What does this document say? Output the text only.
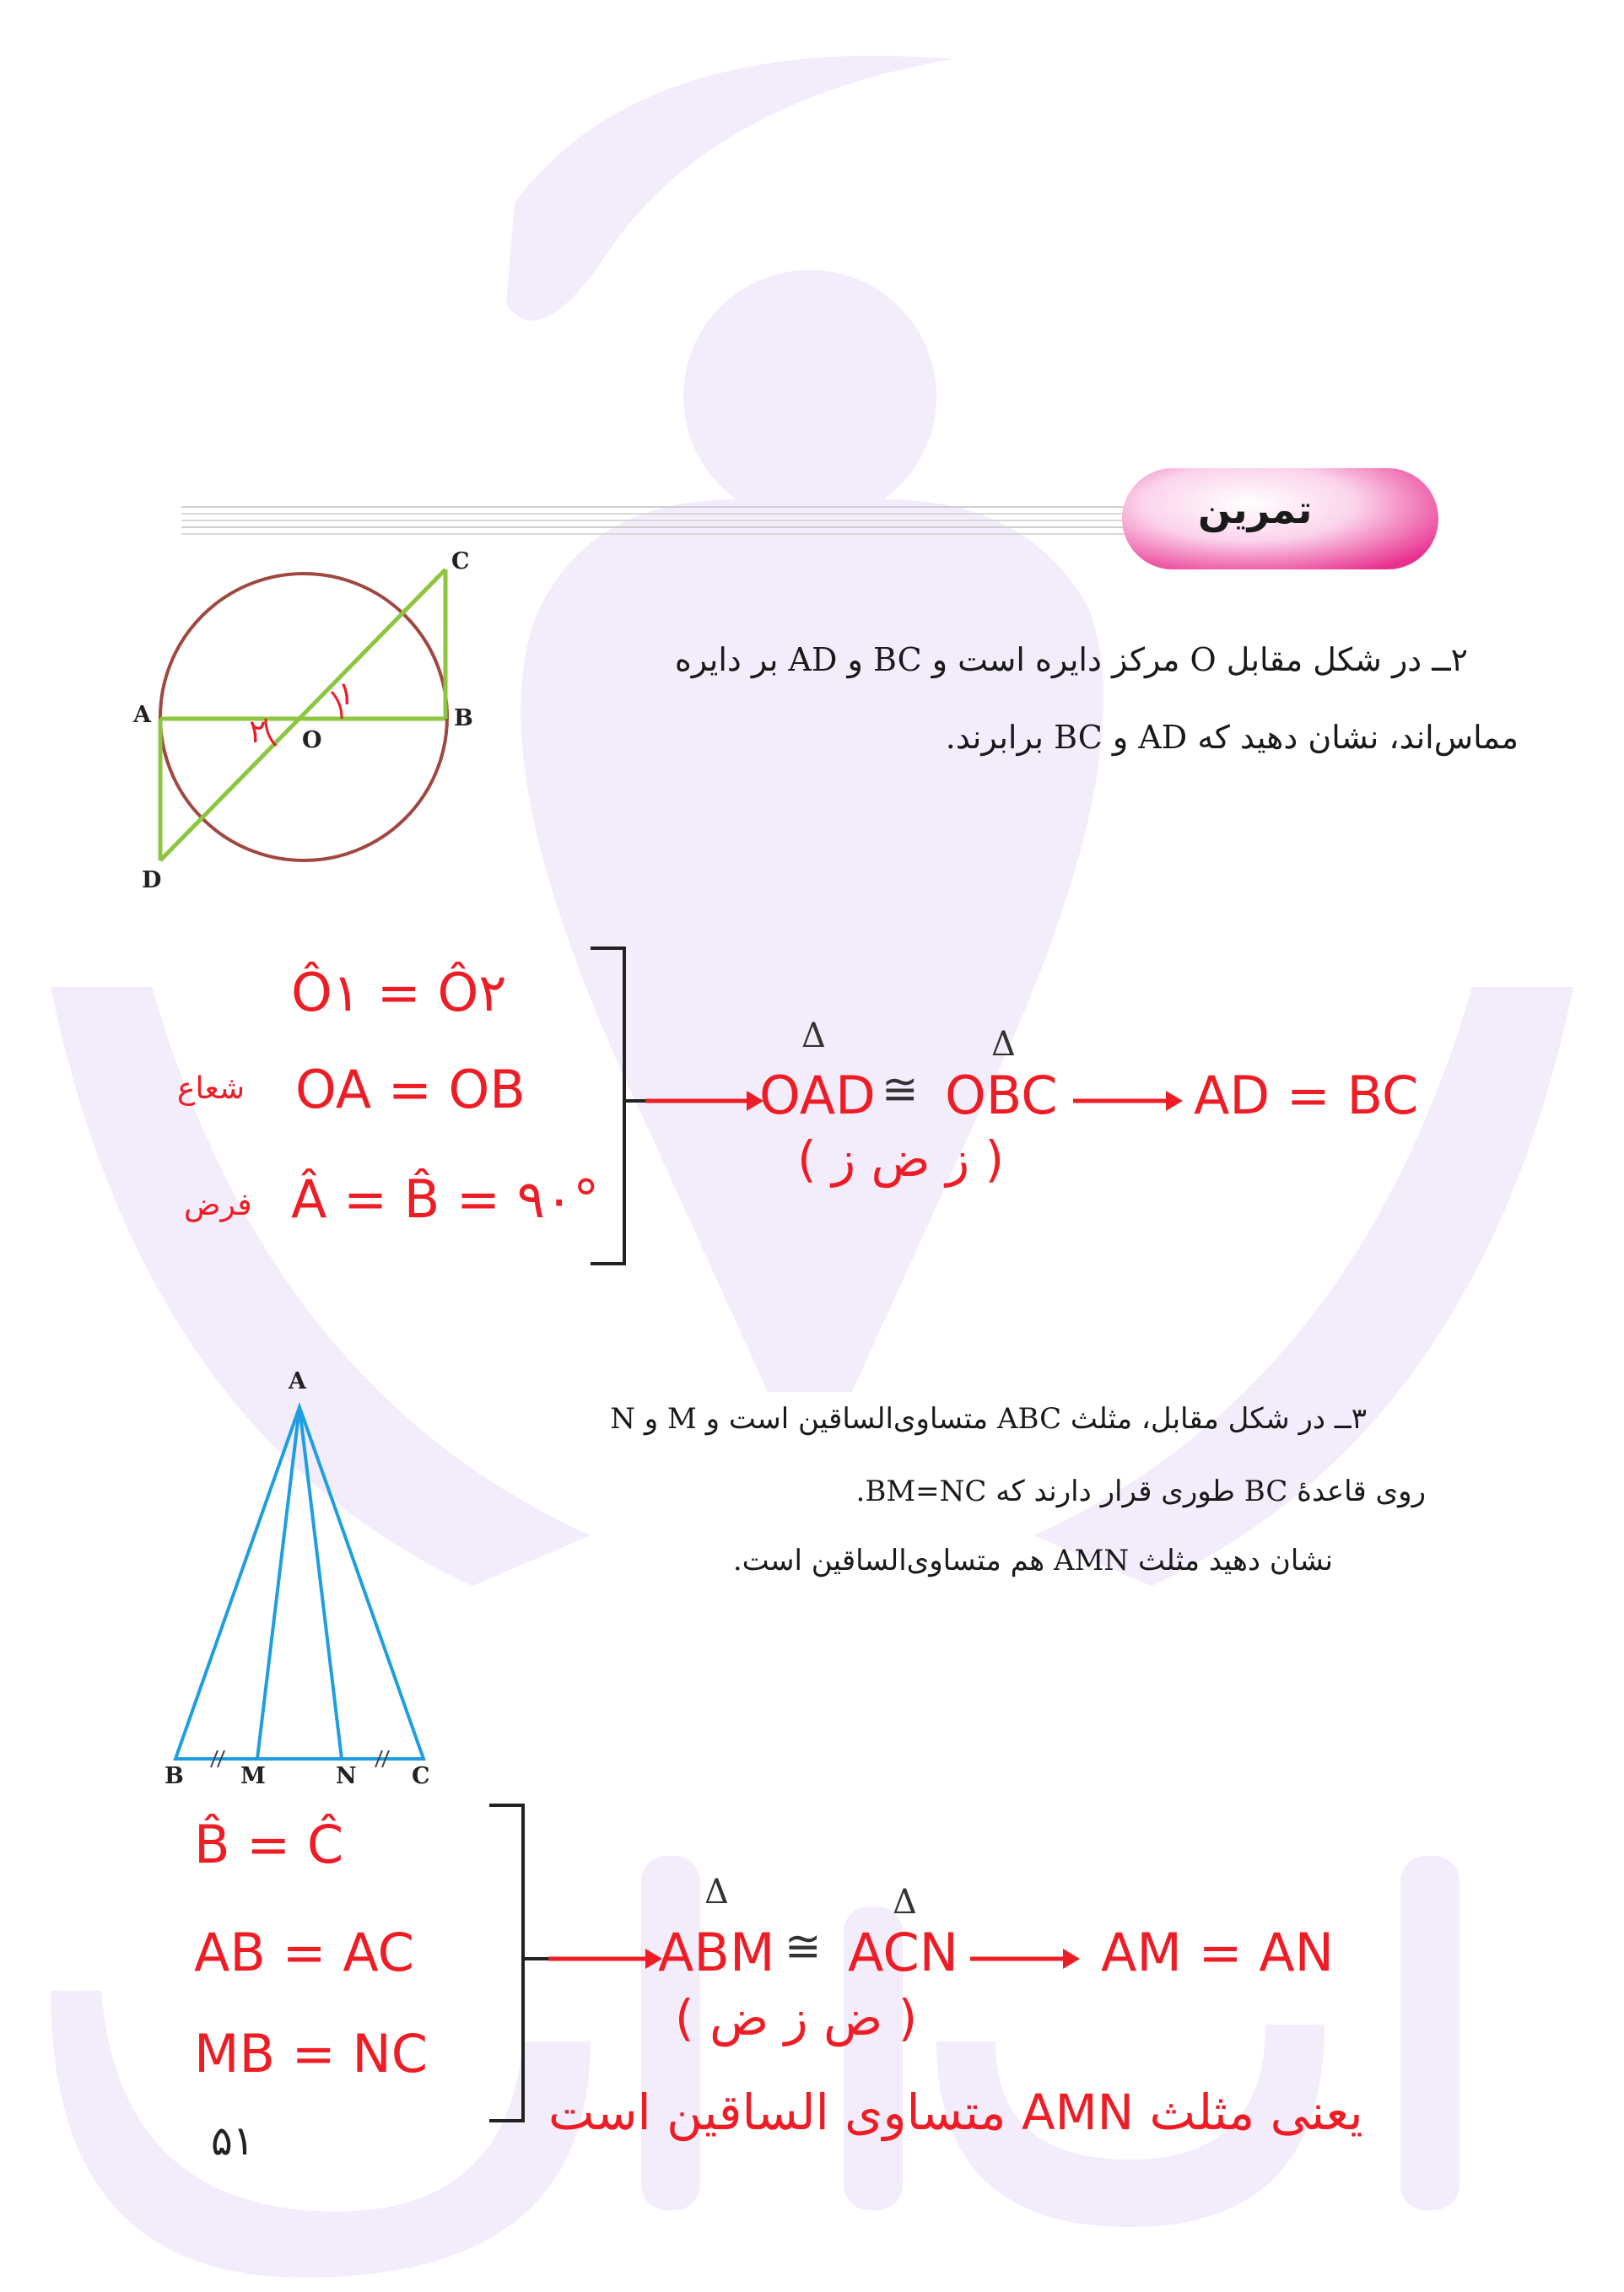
تمرین
۲ــ در شکل مقابل O مرکز دایره است و BC و AD بر دایره
مماس‌اند، نشان دهید که AD و BC برابرند.
C
A	B
O
D
۱
۲
Ô۱ = Ô۲
شعاع OA = OB
فرض Â = B̂ = ۹۰°
Δ
OAD ≅
Δ
OBC	AD = BC
( ز ض ز )
۳ــ در شکل مقابل، مثلث ABC متساوی‌الساقین است و M و N
روی قاعدهٔ BC طوری قرار دارند که BM=NC.
نشان دهید مثلث AMN هم متساوی‌الساقین است.
A
B M	N C
B̂ = Ĉ
AB = AC
MB = NC
Δ
ABM ≅
Δ
ACN	AM = AN
( ض ز ض )
یعنی مثلث AMN متساوی الساقین است
۵۱
